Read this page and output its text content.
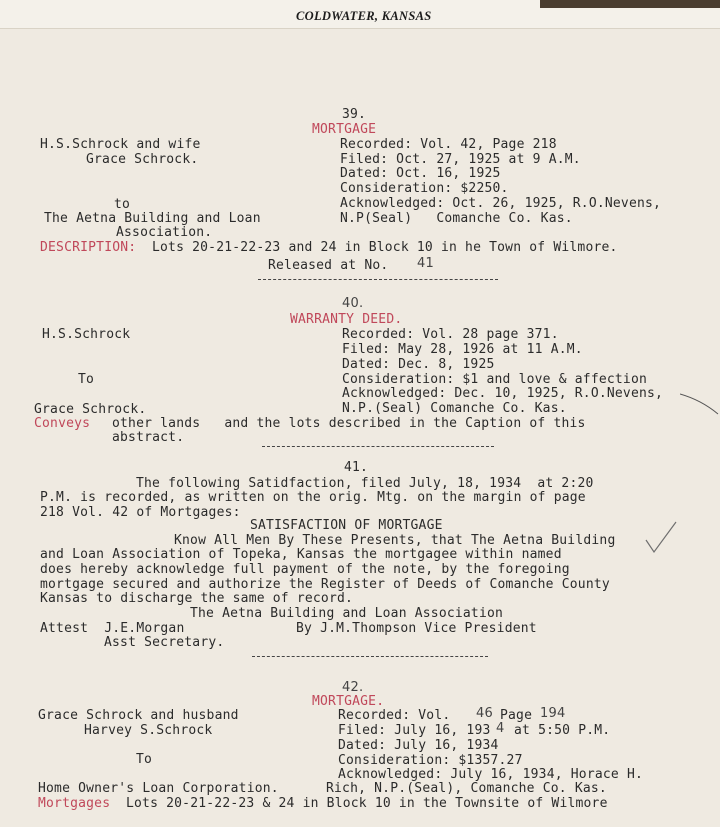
COLDWATER, KANSAS
39.
MORTGAGE
H.S.Schrock and wife
Grace Schrock.
to
The Aetna Building and Loan
Association.
Recorded: Vol. 42, Page 218
Filed: Oct. 27, 1925 at 9 A.M.
Dated: Oct. 16, 1925
Consideration: $2250.
Acknowledged: Oct. 26, 1925, R.O.Nevens,
N.P(Seal)   Comanche Co. Kas.
DESCRIPTION: Lots 20-21-22-23 and 24 in Block 10 in he Town of Wilmore.
Released at No. 41
40.
WARRANTY DEED.
H.S.Schrock
To
Grace Schrock.
Recorded: Vol. 28 page 371.
Filed: May 28, 1926 at 11 A.M.
Dated: Dec. 8, 1925
Consideration: $1 and love & affection
Acknowledged: Dec. 10, 1925, R.O.Nevens,
N.P.(Seal) Comanche Co. Kas.
Conveys other lands   and the lots described in the Caption of this
abstract.
41.
The following Satidfaction, filed July, 18, 1934  at 2:20
P.M. is recorded, as written on the orig. Mtg. on the margin of page
218 Vol. 42 of Mortgages:
SATISFACTION OF MORTGAGE
Know All Men By These Presents, that The Aetna Building
and Loan Association of Topeka, Kansas the mortgagee within named
does hereby acknowledge full payment of the note, by the foregoing
mortgage secured and authorize the Register of Deeds of Comanche County
Kansas to discharge the same of record.
The Aetna Building and Loan Association
Attest  J.E.Morgan	By J.M.Thompson Vice President
Asst Secretary.
42.
MORTGAGE.
Grace Schrock and husband
Harvey S.Schrock
To
Home Owner's Loan Corporation.
Recorded: Vol. 46 Page 194
Filed: July 16, 193 4 at 5:50 P.M.
Dated: July 16, 1934
Consideration: $1357.27
Acknowledged: July 16, 1934, Horace H.
Rich, N.P.(Seal), Comanche Co. Kas.
Mortgages Lots 20-21-22-23 & 24 in Block 10 in the Townsite of Wilmore
